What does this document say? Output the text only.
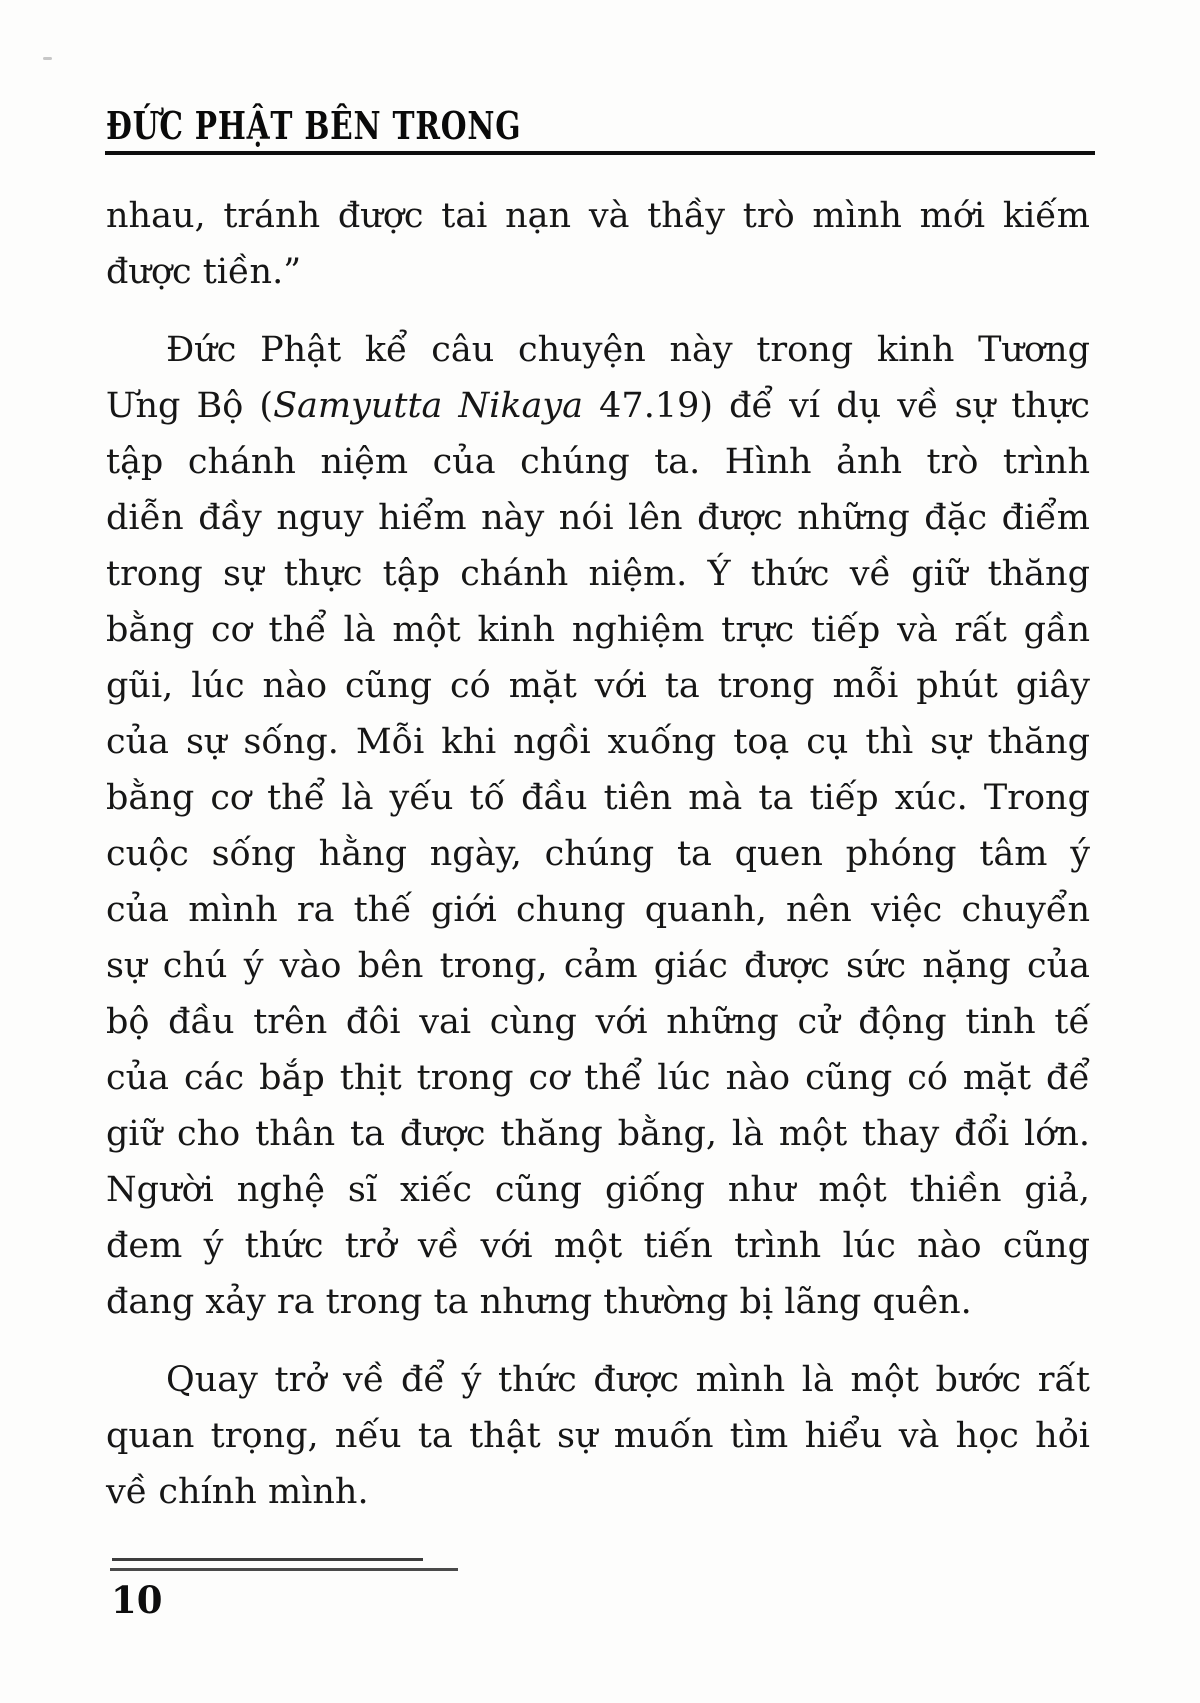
ĐỨC PHẬT BÊN TRONG
nhau, tránh được tai nạn và thầy trò mình mới kiếm
được tiền.”
Đức Phật kể câu chuyện này trong kinh Tương
Ưng Bộ (Samyutta Nikaya 47.19) để ví dụ về sự thực
tập chánh niệm của chúng ta. Hình ảnh trò trình
diễn đầy nguy hiểm này nói lên được những đặc điểm
trong sự thực tập chánh niệm. Ý thức về giữ thăng
bằng cơ thể là một kinh nghiệm trực tiếp và rất gần
gũi, lúc nào cũng có mặt với ta trong mỗi phút giây
của sự sống. Mỗi khi ngồi xuống toạ cụ thì sự thăng
bằng cơ thể là yếu tố đầu tiên mà ta tiếp xúc. Trong
cuộc sống hằng ngày, chúng ta quen phóng tâm ý
của mình ra thế giới chung quanh, nên việc chuyển
sự chú ý vào bên trong, cảm giác được sức nặng của
bộ đầu trên đôi vai cùng với những cử động tinh tế
của các bắp thịt trong cơ thể lúc nào cũng có mặt để
giữ cho thân ta được thăng bằng, là một thay đổi lớn.
Người nghệ sĩ xiếc cũng giống như một thiền giả,
đem ý thức trở về với một tiến trình lúc nào cũng
đang xảy ra trong ta nhưng thường bị lãng quên.
Quay trở về để ý thức được mình là một bước rất
quan trọng, nếu ta thật sự muốn tìm hiểu và học hỏi
về chính mình.
10
